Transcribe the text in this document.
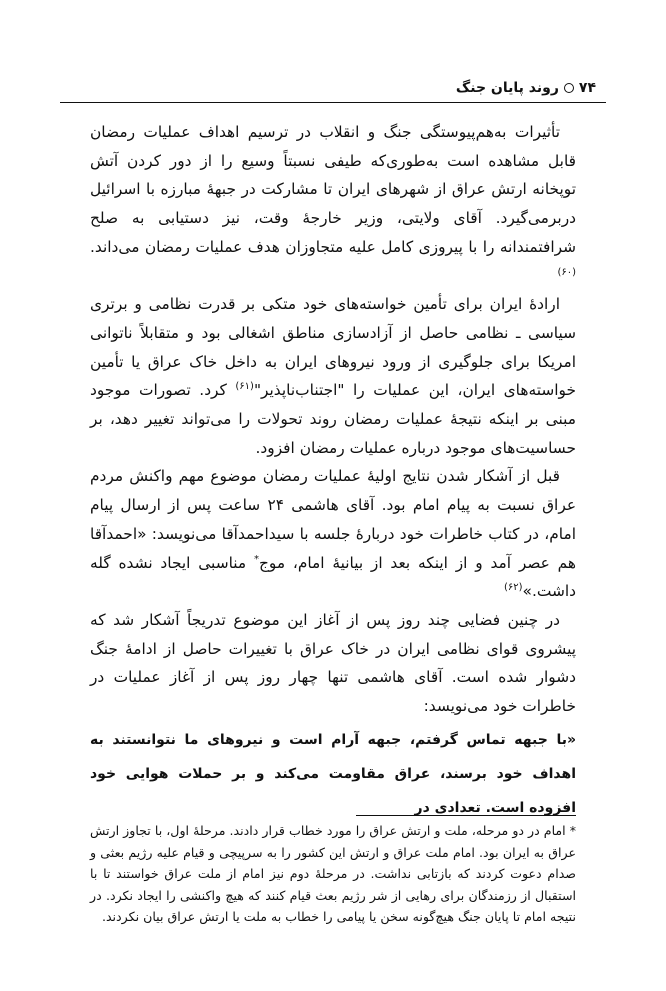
۷۴
روند پایان جنگ

تأثیرات به‌هم‌پیوستگی جنگ و انقلاب در ترسیم اهداف عملیات رمضان قابل مشاهده است به‌طوری‌که طیفی نسبتاً وسیع را از دور کردن آتش توپخانه ارتش عراق از شهرهای ایران تا مشارکت در جبههٔ مبارزه با اسرائیل دربرمی‌گیرد. آقای ولایتی، وزیر خارجهٔ وقت، نیز دستیابی به صلح شرافتمندانه را با پیروزی کامل علیه متجاوزان هدف عملیات رمضان می‌داند.$^{(۶۰)}$

ارادهٔ ایران برای تأمین خواسته‌های خود متکی بر قدرت نظامی و برتری سیاسی ـ نظامی حاصل از آزادسازی مناطق اشغالی بود و متقابلاً ناتوانی امریکا برای جلوگیری از ورود نیروهای ایران به داخل خاک عراق یا تأمین خواسته‌های ایران، این عملیات را "اجتناب‌ناپذیر"$^{(۶۱)}$ کرد. تصورات موجود مبنی بر اینکه نتیجهٔ عملیات رمضان روند تحولات را می‌تواند تغییر دهد، بر حساسیت‌های موجود درباره عملیات رمضان افزود.

قبل از آشکار شدن نتایج اولیهٔ عملیات رمضان موضوع مهم واکنش مردم عراق نسبت به پیام امام بود. آقای هاشمی ۲۴ ساعت پس از ارسال پیام امام، در کتاب خاطرات خود دربارهٔ جلسه با سیداحمدآقا می‌نویسد: «احمدآقا هم عصر آمد و از اینکه بعد از بیانیهٔ امام، موج* مناسبی ایجاد نشده گله داشت.»$^{(۶۲)}$

در چنین فضایی چند روز پس از آغاز این موضوع تدریجاً آشکار شد که پیشروی قوای نظامی ایران در خاک عراق با تغییرات حاصل از ادامهٔ جنگ دشوار شده است. آقای هاشمی تنها چهار روز پس از آغاز عملیات در خاطرات خود می‌نویسد:

«با جبهه تماس گرفتم، جبهه آرام است و نیروهای ما نتوانستند به اهداف خود برسند، عراق مقاومت می‌کند و بر حملات هوایی خود افزوده است. تعدادی در

* امام در دو مرحله، ملت و ارتش عراق را مورد خطاب قرار دادند. مرحلهٔ اول، با تجاوز ارتش عراق به ایران بود. امام ملت عراق و ارتش این کشور را به سرپیچی و قیام علیه رژیم بعثی و صدام دعوت کردند که بازتابی نداشت. در مرحلهٔ دوم نیز امام از ملت عراق خواستند تا با استقبال از رزمندگان برای رهایی از شر رژیم بعث قیام کنند که هیچ واکنشی را ایجاد نکرد. در نتیجه امام تا پایان جنگ هیچ‌گونه سخن یا پیامی را خطاب به ملت یا ارتش عراق بیان نکردند.
